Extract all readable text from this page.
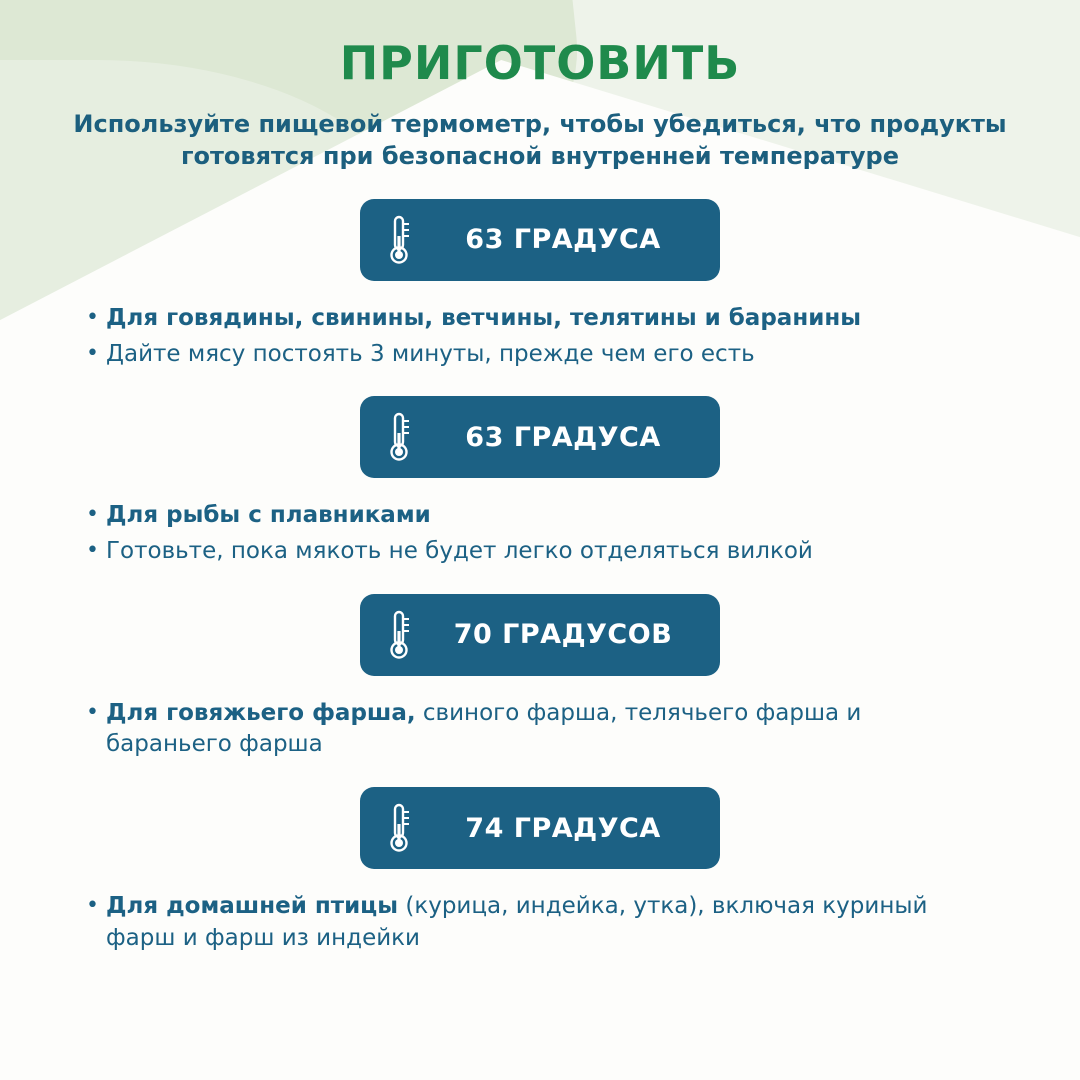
ПРИГОТОВИТЬ

Используйте пищевой термометр, чтобы убедиться, что продукты готовятся при безопасной внутренней температуре

63 ГРАДУСА
• Для говядины, свинины, ветчины, телятины и баранины
• Дайте мясу постоять 3 минуты, прежде чем его есть
63 ГРАДУСА
• Для рыбы с плавниками
• Готовьте, пока мякоть не будет легко отделяться вилкой
70 ГРАДУСОВ
• Для говяжьего фарша, свиного фарша, телячьего фарша и бараньего фарша
74 ГРАДУСА
• Для домашней птицы (курица, индейка, утка), включая куриный фарш и фарш из индейки
